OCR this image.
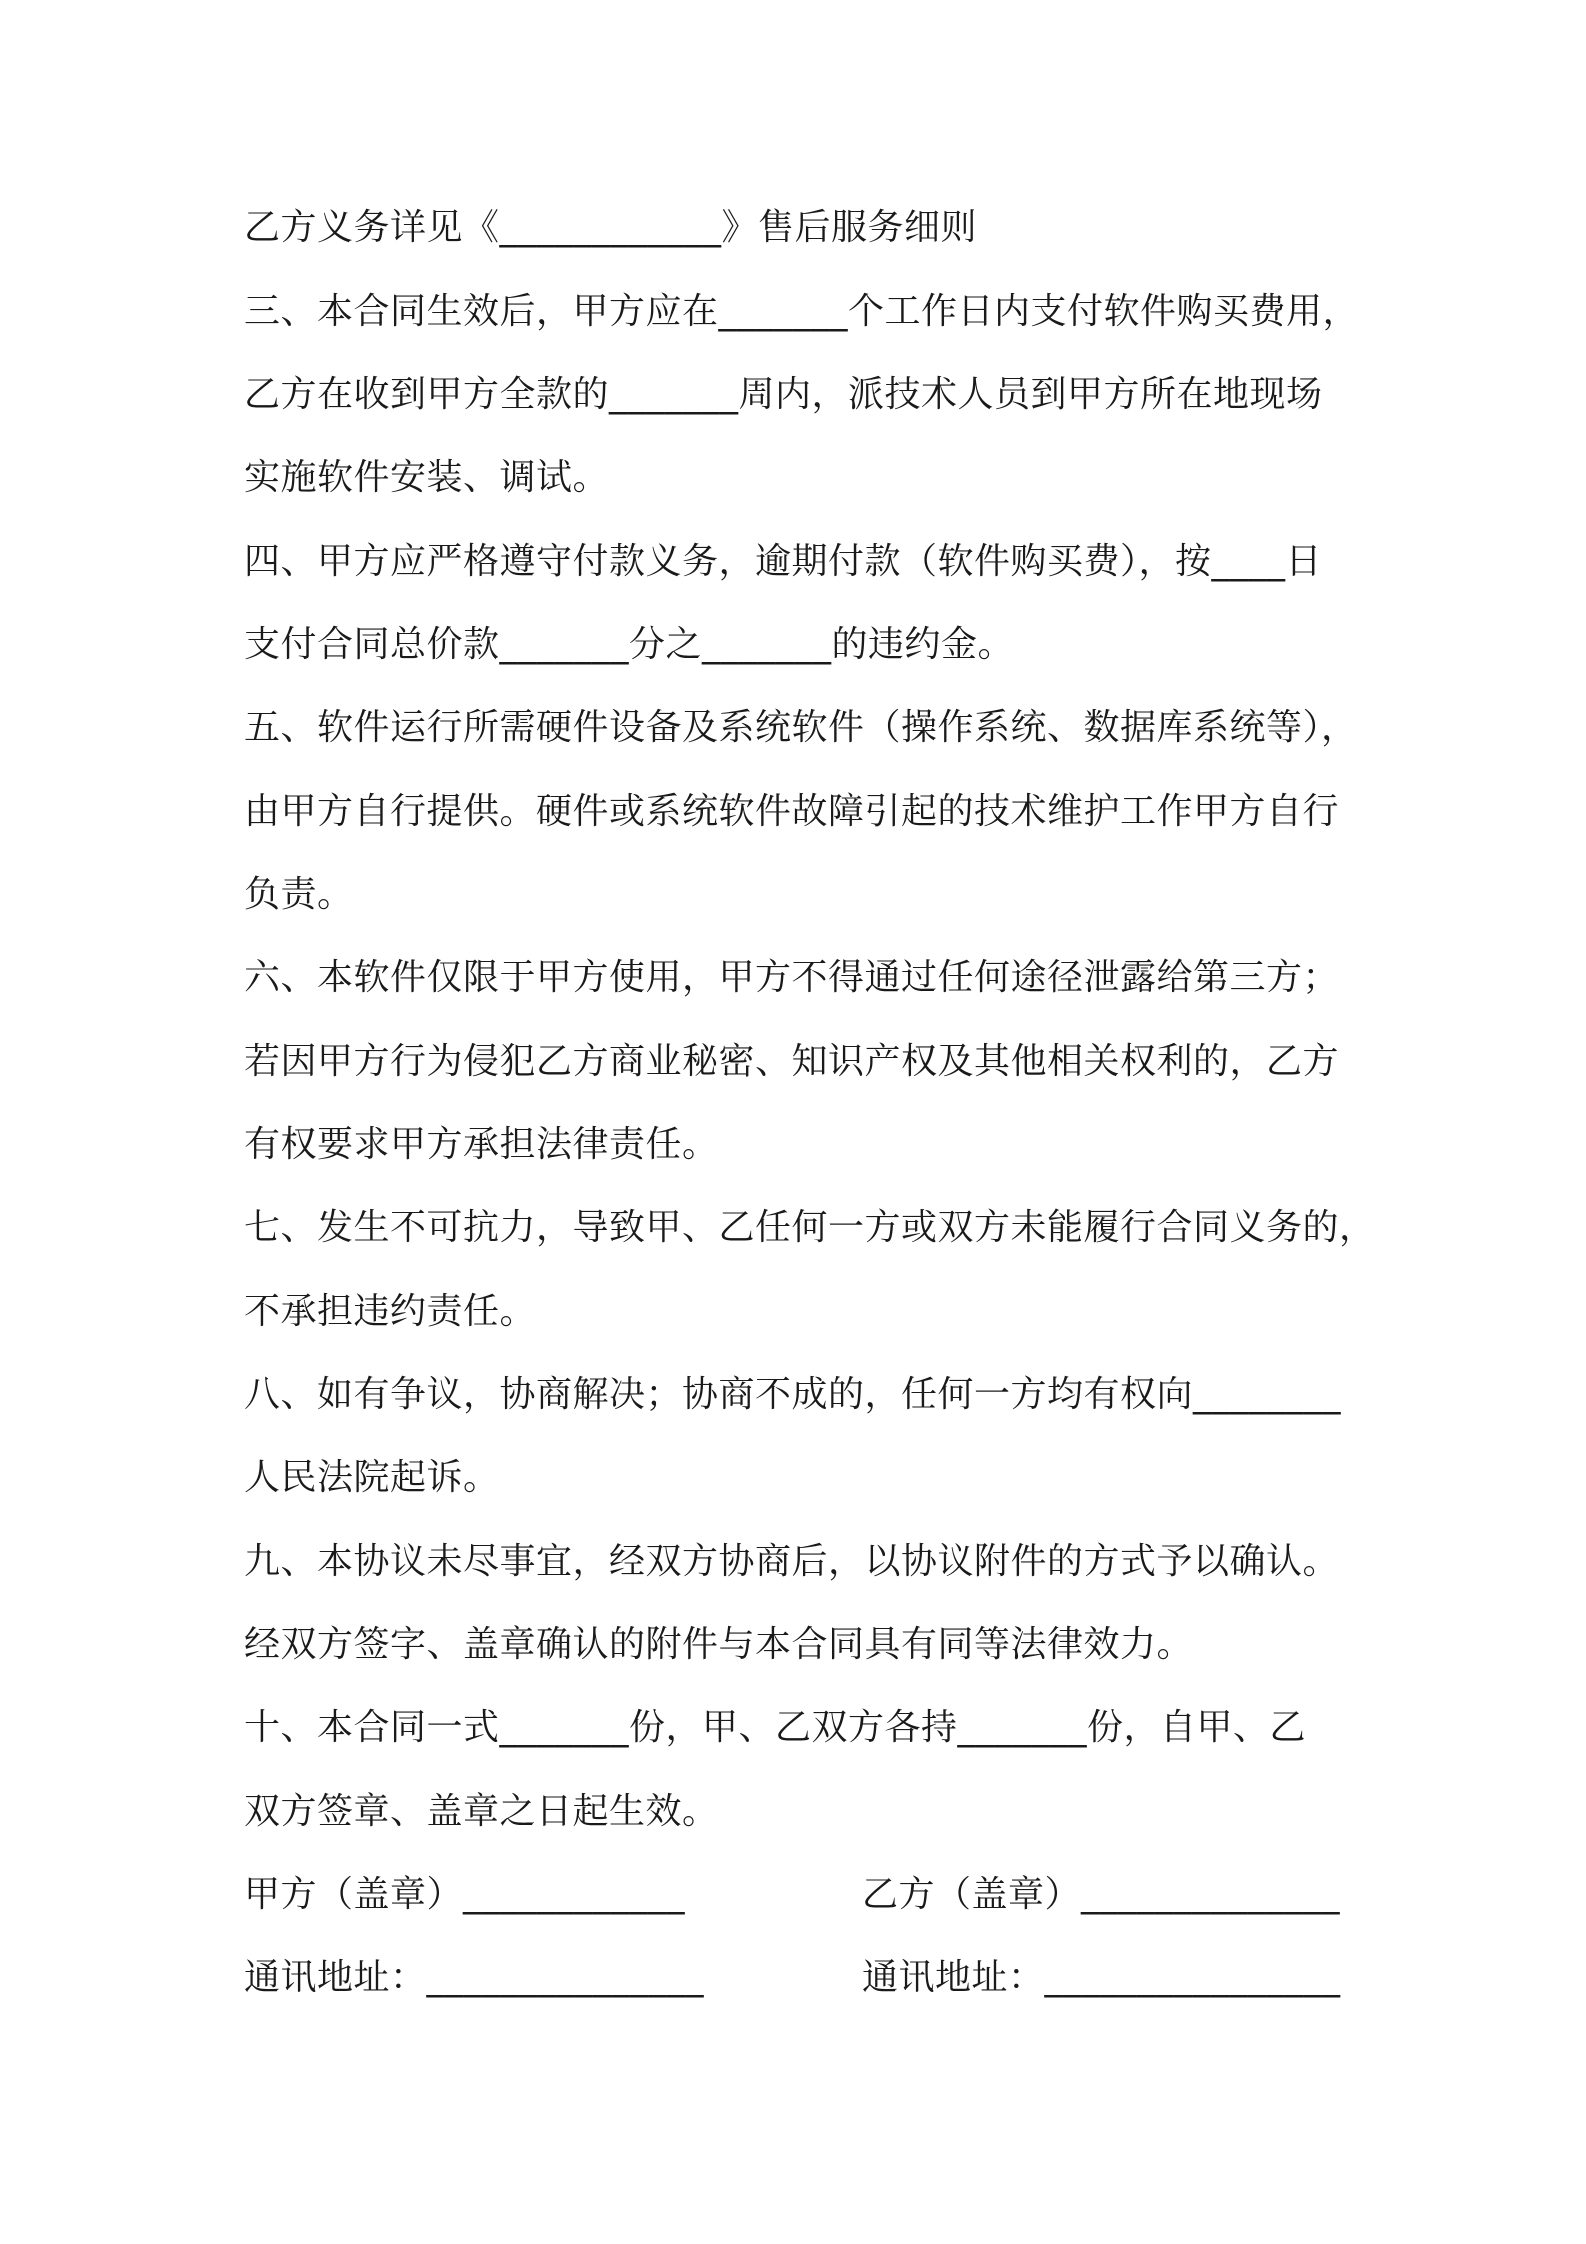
乙方义务详见《____________》售后服务细则
三、本合同生效后，甲方应在_______个工作日内支付软件购买费用，
乙方在收到甲方全款的_______周内，派技术人员到甲方所在地现场
实施软件安装、调试。
四、甲方应严格遵守付款义务，逾期付款（软件购买费），按____日
支付合同总价款_______分之_______的违约金。
五、软件运行所需硬件设备及系统软件（操作系统、数据库系统等），
由甲方自行提供。硬件或系统软件故障引起的技术维护工作甲方自行
负责。
六、本软件仅限于甲方使用，甲方不得通过任何途径泄露给第三方；
若因甲方行为侵犯乙方商业秘密、知识产权及其他相关权利的，乙方
有权要求甲方承担法律责任。
七、发生不可抗力，导致甲、乙任何一方或双方未能履行合同义务的，
不承担违约责任。
八、如有争议，协商解决；协商不成的，任何一方均有权向________
人民法院起诉。
九、本协议未尽事宜，经双方协商后，以协议附件的方式予以确认。
经双方签字、盖章确认的附件与本合同具有同等法律效力。
十、本合同一式_______份，甲、乙双方各持_______份，自甲、乙
双方签章、盖章之日起生效。
甲方（盖章）____________	乙方（盖章）______________
通讯地址：_______________	通讯地址：________________
